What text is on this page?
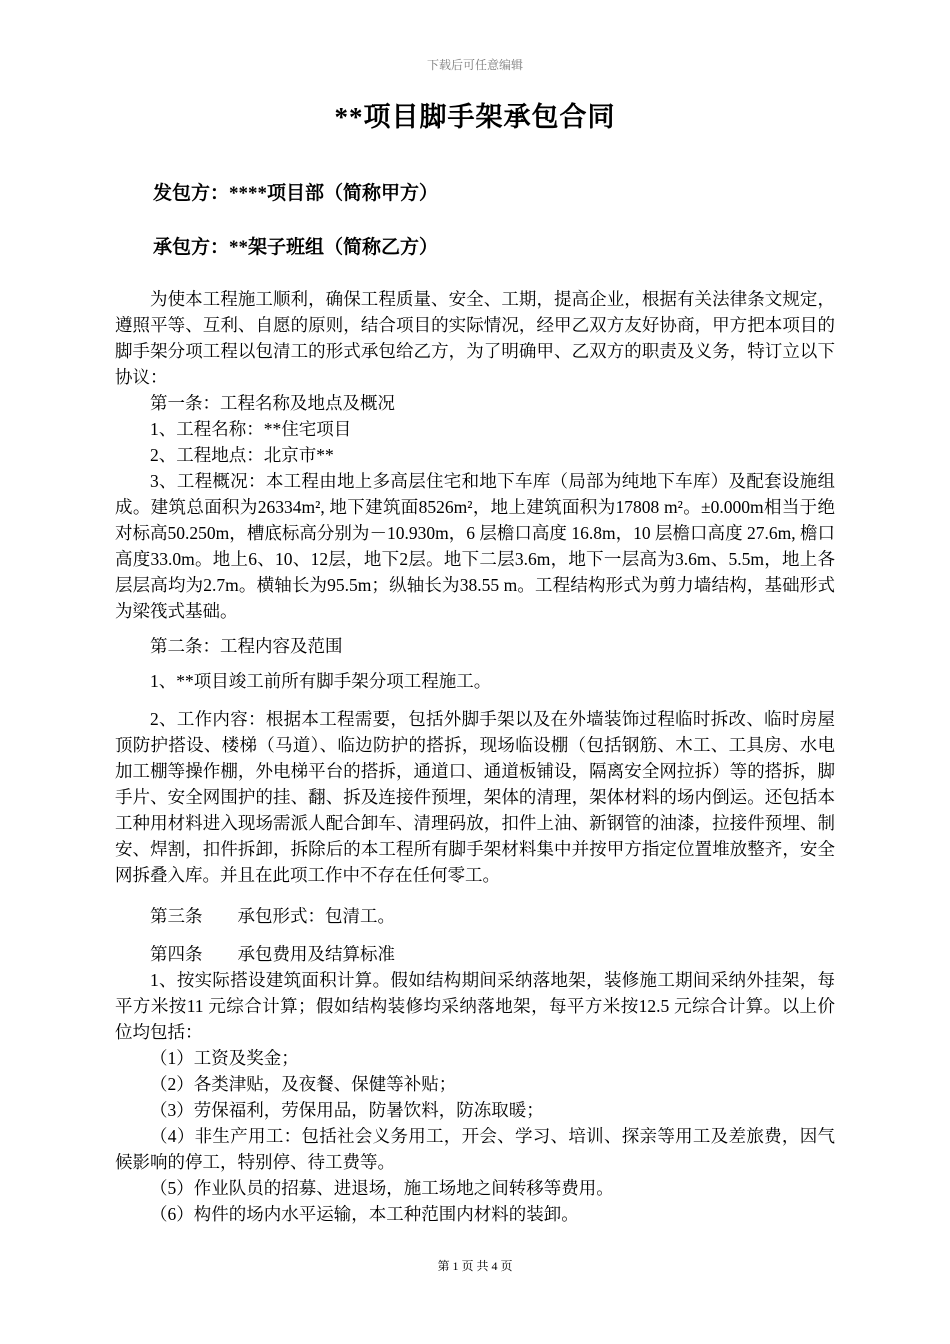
下载后可任意编辑
**项目脚手架承包合同

发包方：****项目部（简称甲方）

承包方：**架子班组（简称乙方）

为使本工程施工顺利，确保工程质量、安全、工期，提高企业，根据有关法律条文规定，遵照平等、互利、自愿的原则，结合项目的实际情况，经甲乙双方友好协商，甲方把本项目的脚手架分项工程以包清工的形式承包给乙方，为了明确甲、乙双方的职责及义务，特订立以下协议：

第一条：工程名称及地点及概况

1、工程名称：**住宅项目

2、工程地点：北京市**

3、工程概况：本工程由地上多高层住宅和地下车库（局部为纯地下车库）及配套设施组成。建筑总面积为26334m², 地下建筑面8526m²，地上建筑面积为17808 m²。±0.000m相当于绝对标高50.250m，槽底标高分别为－10.930m，6 层檐口高度 16.8m，10 层檐口高度 27.6m, 檐口高度33.0m。地上6、10、12层，地下2层。地下二层3.6m，地下一层高为3.6m、5.5m，地上各层层高均为2.7m。横轴长为95.5m；纵轴长为38.55 m。工程结构形式为剪力墙结构，基础形式为梁筏式基础。

第二条：工程内容及范围

1、**项目竣工前所有脚手架分项工程施工。

2、工作内容：根据本工程需要，包括外脚手架以及在外墙装饰过程临时拆改、临时房屋顶防护搭设、楼梯（马道）、临边防护的搭拆，现场临设棚（包括钢筋、木工、工具房、水电加工棚等操作棚，外电梯平台的搭拆，通道口、通道板铺设，隔离安全网拉拆）等的搭拆，脚手片、安全网围护的挂、翻、拆及连接件预埋，架体的清理，架体材料的场内倒运。还包括本工种用材料进入现场需派人配合卸车、清理码放，扣件上油、新钢管的油漆，拉接件预埋、制安、焊割，扣件拆卸，拆除后的本工程所有脚手架材料集中并按甲方指定位置堆放整齐，安全网拆叠入库。并且在此项工作中不存在任何零工。

第三条　　承包形式：包清工。

第四条　　承包费用及结算标准

1、按实际搭设建筑面积计算。假如结构期间采纳落地架，装修施工期间采纳外挂架，每平方米按11 元综合计算；假如结构装修均采纳落地架，每平方米按12.5 元综合计算。以上价位均包括：

（1）工资及奖金；

（2）各类津贴，及夜餐、保健等补贴；

（3）劳保福利，劳保用品，防暑饮料，防冻取暖；

（4）非生产用工：包括社会义务用工，开会、学习、培训、探亲等用工及差旅费，因气候影响的停工，特别停、待工费等。

（5）作业队员的招募、进退场，施工场地之间转移等费用。

（6）构件的场内水平运输，本工种范围内材料的装卸。

第 1 页 共 4 页
